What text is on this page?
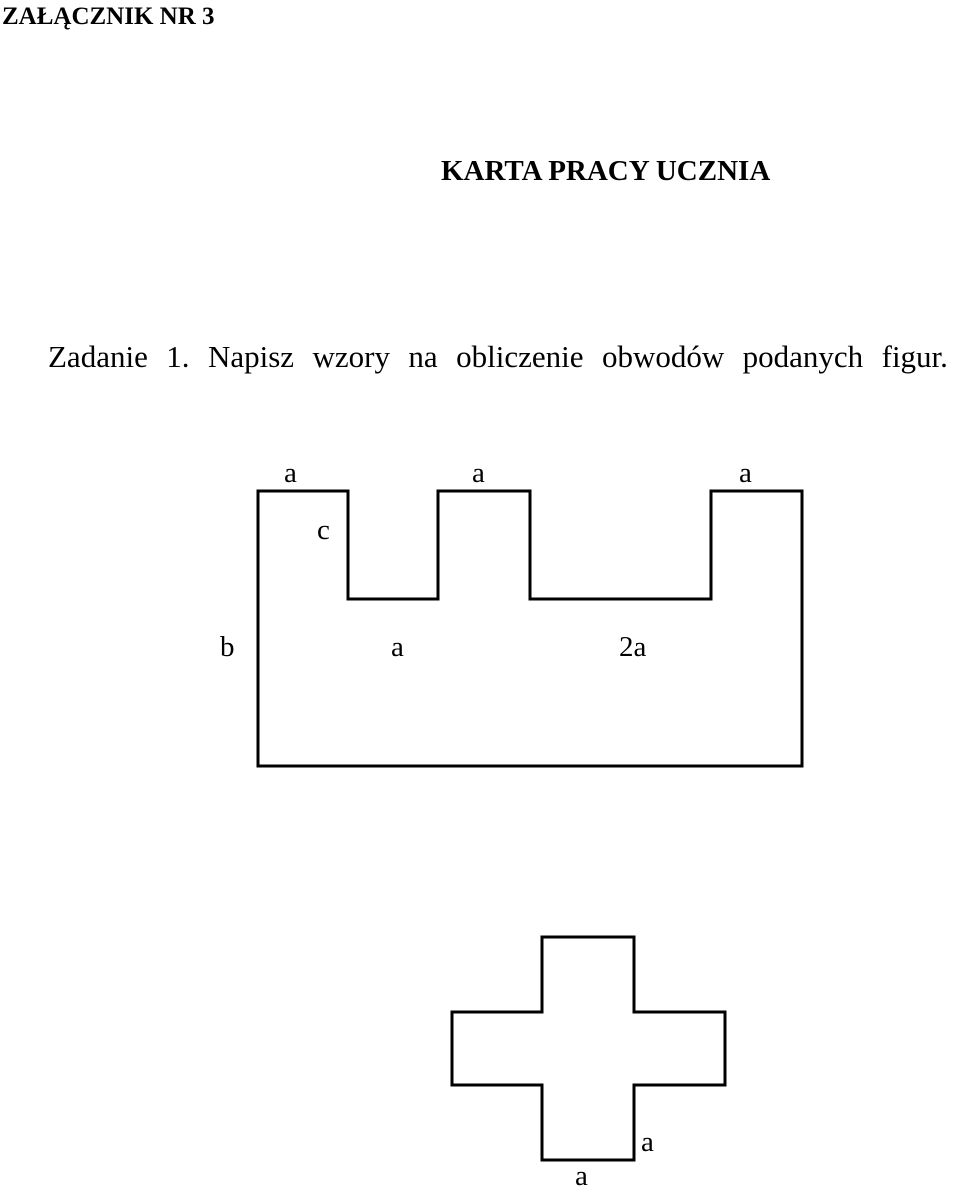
ZAŁĄCZNIK NR 3
KARTA PRACY UCZNIA
Zadanie 1. Napisz wzory na obliczenie obwodów podanych figur.
a	a	a
c
b	a	2a
a
a
